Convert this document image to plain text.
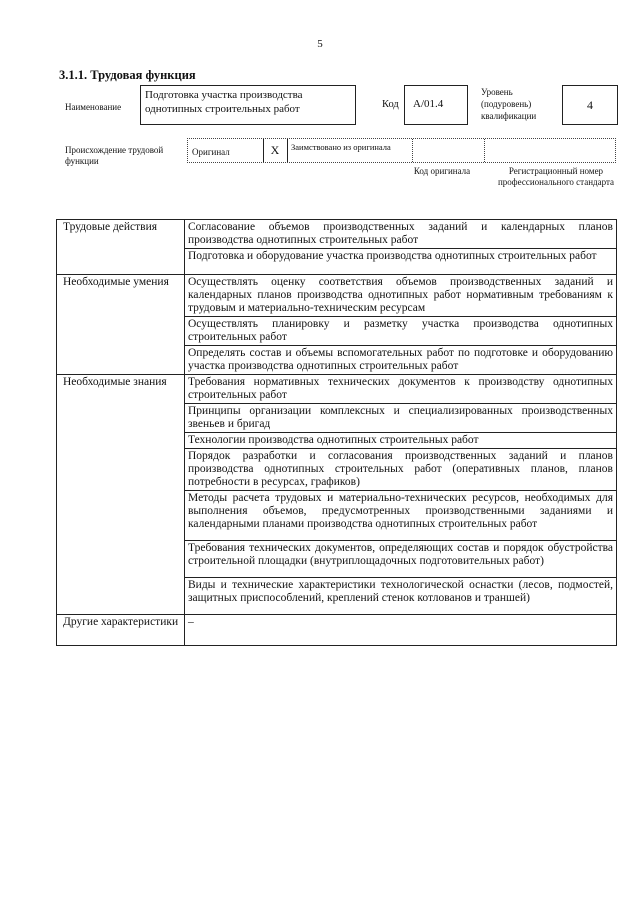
5
3.1.1. Трудовая функция
Наименование
Подготовка участка производства однотипных строительных работ	Код	А/01.4
Уровень (подуровень) квалификации
4
Происхождение трудовой функции
Оригинал	X	Заимствовано из оригинала
Код оригинала	Регистрационный номер профессионального стандарта
Трудовые действия	Согласование объемов производственных заданий и календарных планов производства однотипных строительных работ
	Подготовка и оборудование участка производства однотипных строительных работ
Необходимые умения	Осуществлять оценку соответствия объемов производственных заданий и календарных планов производства однотипных работ нормативным требованиям к трудовым и материально-техническим ресурсам
	Осуществлять планировку и разметку участка производства однотипных строительных работ
	Определять состав и объемы вспомогательных работ по подготовке и оборудованию участка производства однотипных строительных работ
Необходимые знания	Требования нормативных технических документов к производству однотипных строительных работ
	Принципы организации комплексных и специализированных производственных звеньев и бригад
	Технологии производства однотипных строительных работ
	Порядок разработки и согласования производственных заданий и планов производства однотипных строительных работ (оперативных планов, планов потребности в ресурсах, графиков)
	Методы расчета трудовых и материально-технических ресурсов, необходимых для выполнения объемов, предусмотренных производственными заданиями и календарными планами производства однотипных строительных работ
	Требования технических документов, определяющих состав и порядок обустройства строительной площадки (внутриплощадочных подготовительных работ)
	Виды и технические характеристики технологической оснастки (лесов, подмостей, защитных приспособлений, креплений стенок котлованов и траншей)
Другие характеристики	–
